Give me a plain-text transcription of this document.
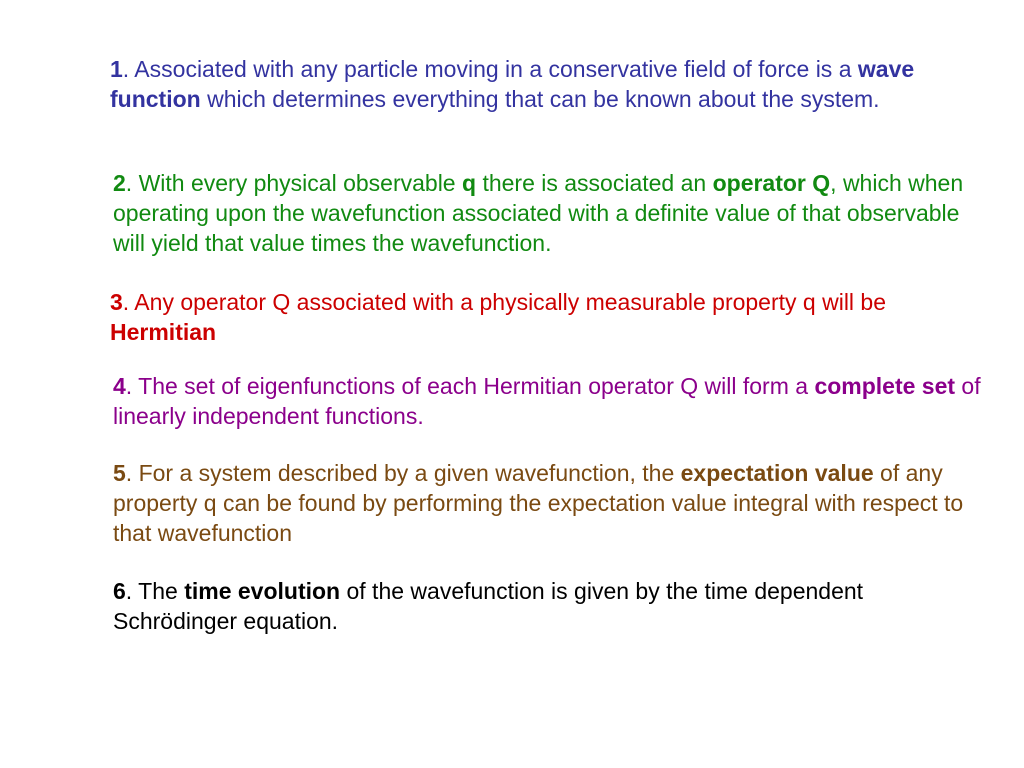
1. Associated with any particle moving in a conservative field of force is a wave function which determines everything that can be known about the system.

2. With every physical observable q there is associated an operator Q, which when operating upon the wavefunction associated with a definite value of that observable will yield that value times the wavefunction.

3. Any operator Q associated with a physically measurable property q will be Hermitian

4. The set of eigenfunctions of each Hermitian operator Q will form a complete set of linearly independent functions.

5. For a system described by a given wavefunction, the expectation value of any property q can be found by performing the expectation value integral with respect to that wavefunction

6. The time evolution of the wavefunction is given by the time dependent Schrödinger equation.
